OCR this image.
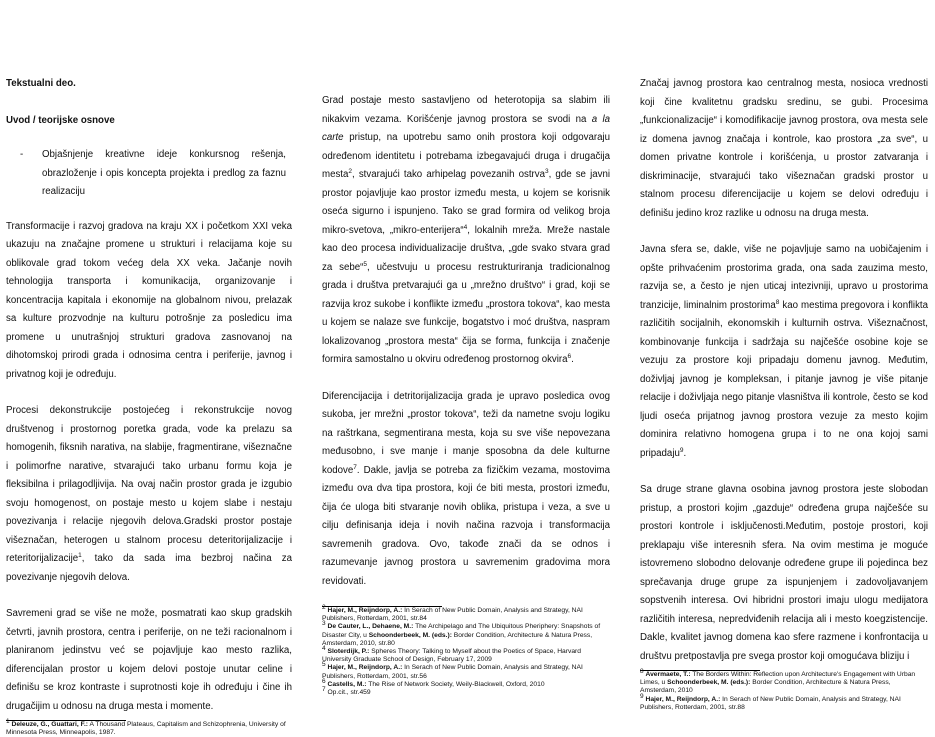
Tekstualni deo.

Uvod / teorijske osnove

- Objašnjenje kreativne ideje konkursnog rešenja, obrazloženje i opis koncepta projekta i predlog za faznu realizaciju

Transformacije i razvoj gradova na kraju XX i početkom XXI veka ukazuju na značajne promene u strukturi i relacijama koje su oblikovale grad tokom većeg dela XX veka. Jačanje novih tehnologija transporta i komunikacija, organizovanje i koncentracija kapitala i ekonomije na globalnom nivou, prelazak sa kulture prozvodnje na kulturu potrošnje za posledicu ima promene u unutrašnjoj strukturi gradova zasnovanoj na dihotomskoj prirodi grada i odnosima centra i periferije, javnog i privatnog koji je određuju.

Procesi dekonstrukcije postojećeg i rekonstrukcije novog društvenog i prostornog poretka grada, vode ka prelazu sa homogenih, fiksnih narativa, na slabije, fragmentirane, višeznačne i polimorfne narative, stvarajući tako urbanu formu koja je fleksibilna i prilagodljivija. Na ovaj način prostor grada je izgubio svoju homogenost, on postaje mesto u kojem slabe i nestaju povezivanja i relacije njegovih delova.Gradski prostor postaje višeznačan, heterogen u stalnom procesu deteritorijalizacije i reteritorijalizacije$^1$, tako da sada ima bezbroj načina za povezivanje njegovih delova.

Savremeni grad se više ne može, posmatrati kao skup gradskih četvrti, javnih prostora, centra i periferije, on ne teži racionalnom i planiranom jedinstvu već se pojavljuje kao mesto razlika, diferencijalan prostor u kojem delovi postoje unutar celine i definišu se kroz kontraste i suprotnosti koje ih određuju i čine ih drugačijim u odnosu na druga mesta i momente.

$^1$ Deleuze, G., Guattari, F.: A Thousand Plateaus, Capitalism and Schizophrenia, University of Minnesota Press, Minneapolis, 1987.

Grad postaje mesto sastavljeno od heterotopija sa slabim ili nikakvim vezama. Korišćenje javnog prostora se svodi na a la carte pristup, na upotrebu samo onih prostora koji odgovaraju određenom identitetu i potrebama izbegavajući druga i drugačija mesta$^2$, stvarajući tako arhipelag povezanih ostrva$^3$, gde se javni prostor pojavljuje kao prostor između mesta, u kojem se korisnik oseća sigurno i ispunjeno. Tako se grad formira od velikog broja mikro-svetova, „mikro-enterijera“$^4$, lokalnih mreža. Mreže nastale kao deo procesa individualizacije društva, „gde svako stvara grad za sebe“$^5$, učestvuju u procesu restrukturiranja tradicionalnog grada i društva pretvarajući ga u „mrežno društvo“ i grad, koji se razvija kroz sukobe i konflikte između „prostora tokova“, kao mesta u kojem se nalaze sve funkcije, bogatstvo i moć društva, naspram lokalizovanog „prostora mesta“ čija se forma, funkcija i značenje formira samostalno u okviru određenog prostornog okvira$^6$.

Diferencijacija i detritorijalizacija grada je upravo posledica ovog sukoba, jer mrežni „prostor tokova“, teži da nametne svoju logiku na raštrkana, segmentirana mesta, koja su sve više nepovezana međusobno, i sve manje i manje sposobna da dele kulturne kodove$^7$. Dakle, javlja se potreba za fizičkim vezama, mostovima između ova dva tipa prostora, koji će biti mesta, prostori između, čija će uloga biti stvaranje novih oblika, pristupa i veza, a sve u cilju definisanja ideja i novih načina razvoja i transformacija savremenih gradova. Ovo, takođe znači da se odnos i razumevanje javnog prostora u savremenim gradovima mora revidovati.

$^2$ Hajer, M., Reijndorp, A.: In Serach of New Public Domain, Analysis and Strategy, NAI Publishers, Rotterdam, 2001, str.84

$^3$ De Cauter, L., Dehaene, M.: The Archipelago and The Ubiquitous Pheriphery: Snapshots of Disaster City, u Schoonderbeek, M. (eds.): Border Condition, Architecture & Natura Press, Amsterdam, 2010, str.80

$^4$ Sloterdijk, P.: Spheres Theory: Talking to Myself about the Poetics of Space, Harvard University Graduate School of Design, February 17, 2009

$^5$ Hajer, M., Reijndorp, A.: In Serach of New Public Domain, Analysis and Strategy, NAI Publishers, Rotterdam, 2001, str.56

$^6$ Castells, M.: The Rise of Network Society, Weily-Blackwell, Oxford, 2010

$^7$ Op.cit., str.459

Značaj javnog prostora kao centralnog mesta, nosioca vrednosti koji čine kvalitetnu gradsku sredinu, se gubi. Procesima „funkcionalizacije“ i komodifikacije javnog prostora, ova mesta sele iz domena javnog značaja i kontrole, kao prostora „za sve“, u domen privatne kontrole i korišćenja, u prostor zatvaranja i diskriminacije, stvarajući tako višeznačan gradski prostor u stalnom procesu diferencijacije u kojem se delovi određuju i definišu jedino kroz razlike u odnosu na druga mesta.

Javna sfera se, dakle, više ne pojavljuje samo na uobičajenim i opšte prihvaćenim prostorima grada, ona sada zauzima mesto, razvija se, a često je njen uticaj intezivniji, upravo u prostorima tranzicije, liminalnim prostorima$^8$ kao mestima pregovora i konflikta različitih socijalnih, ekonomskih i kulturnih ostrva. Višeznačnost, kombinovanje funkcija i sadržaja su najčešće osobine koje se vezuju za prostore koji pripadaju domenu javnog. Međutim, doživljaj javnog je kompleksan, i pitanje javnog je više pitanje relacije i doživljaja nego pitanje vlasništva ili kontrole, često se kod ljudi oseća prijatnog javnog prostora vezuje za mesto kojim dominira relativno homogena grupa i to ne ona kojoj sami pripadaju$^9$.

Sa druge strane glavna osobina javnog prostora jeste slobodan pristup, a prostori kojim „gazduje“ određena grupa najčešće su prostori kontrole i isključenosti.Međutim, postoje prostori, koji preklapaju više interesnih sfera. Na ovim mestima je moguće istovremeno slobodno delovanje određene grupe ili pojedinca bez sprečavanja druge grupe za ispunjenjem i zadovoljavanjem sopstvenih interesa. Ovi hibridni prostori imaju ulogu medijatora različitih interesa, nepredviđenih relacija ali i mesto koegzistencije. Dakle, kvalitet javnog domena kao sfere razmene i konfrontacija u društvu pretpostavlja pre svega prostor koji omogućava bliziju i

$^8$ Avermaete, T.: The Borders Within: Reflection upon Architecture's Engagement with Urban Limes, u Schoonderbeek, M. (eds.): Border Condition, Architecture & Natura Press, Amsterdam, 2010

$^9$ Hajer, M., Reijndorp, A.: In Serach of New Public Domain, Analysis and Strategy, NAI Publishers, Rotterdam, 2001, str.88
